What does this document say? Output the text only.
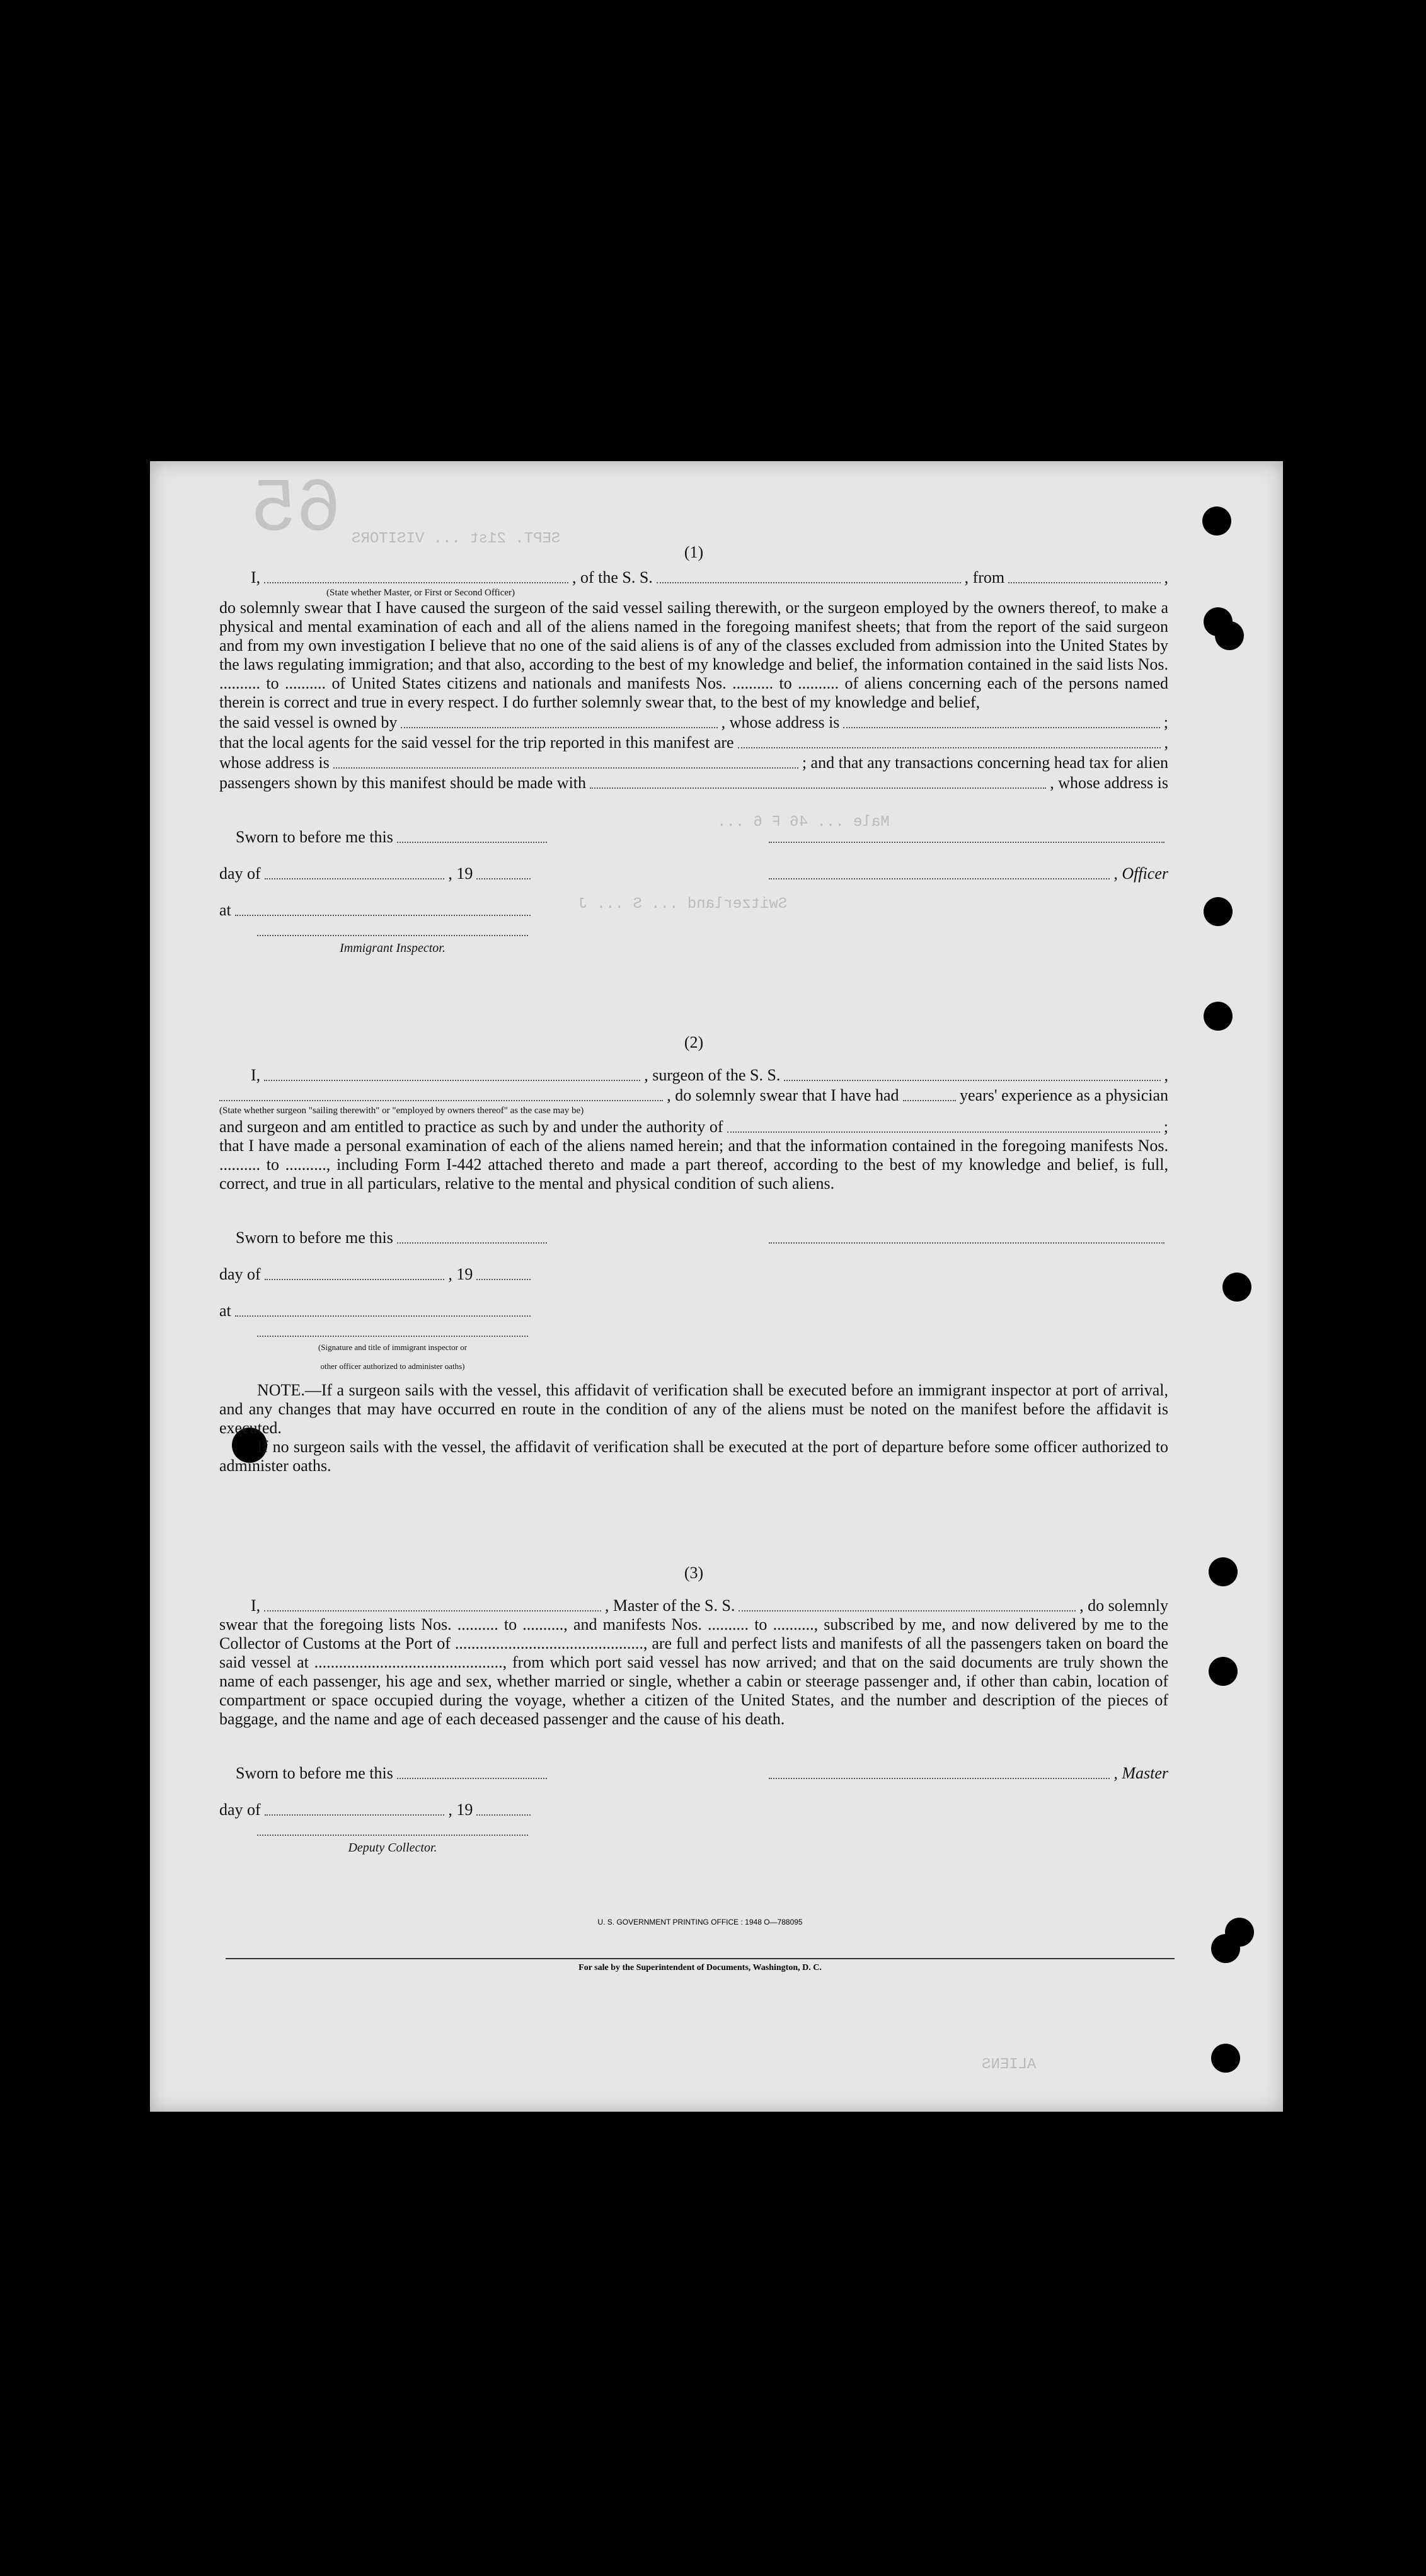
65 SEPT. 21st ... VISITORS
Male ... 46 F 6 ...
Switzerland ... S ... J
ALIENS
(1)
I,	, of the S. S.	, from	,
(State whether Master, or First or Second Officer)

do solemnly swear that I have caused the surgeon of the said vessel sailing therewith, or the surgeon employed by the owners thereof, to make a physical and mental examination of each and all of the aliens named in the foregoing manifest sheets; that from the report of the said surgeon and from my own investigation I believe that no one of the said aliens is of any of the classes excluded from admission into the United States by the laws regulating immigration; and that also, according to the best of my knowledge and belief, the information contained in the said lists Nos. .......... to .......... of United States citizens and nationals and manifests Nos. .......... to .......... of aliens concerning each of the persons named therein is correct and true in every respect. I do further solemnly swear that, to the best of my knowledge and belief,

the said vessel is owned by	, whose address is	;
that the local agents for the said vessel for the trip reported in this manifest are	,
whose address is	; and that any transactions concerning head tax for alien
passengers shown by this manifest should be made with	, whose address is
Sworn to before me this
day of	, 19	, Officer
at
Immigrant Inspector.
(2)
I,	, surgeon of the S. S.	,
, do solemnly swear that I have had	years' experience as a physician
(State whether surgeon "sailing therewith" or "employed by owners thereof" as the case may be)
and surgeon and am entitled to practice as such by and under the authority of	;

that I have made a personal examination of each of the aliens named herein; and that the information contained in the foregoing manifests Nos. .......... to .........., including Form I-442 attached thereto and made a part thereof, according to the best of my knowledge and belief, is full, correct, and true in all particulars, relative to the mental and physical condition of such aliens.

Sworn to before me this
day of	, 19
at
(Signature and title of immigrant inspector or
other officer authorized to administer oaths)

NOTE.—If a surgeon sails with the vessel, this affidavit of verification shall be executed before an immigrant inspector at port of arrival, and any changes that may have occurred en route in the condition of any of the aliens must be noted on the manifest before the affidavit is executed.

If no surgeon sails with the vessel, the affidavit of verification shall be executed at the port of departure before some officer authorized to administer oaths.

(3)
I,	, Master of the S. S.	, do solemnly

swear that the foregoing lists Nos. .......... to .........., and manifests Nos. .......... to .........., subscribed by me, and now delivered by me to the Collector of Customs at the Port of .............................................., are full and perfect lists and manifests of all the passengers taken on board the said vessel at .............................................., from which port said vessel has now arrived; and that on the said documents are truly shown the name of each passenger, his age and sex, whether married or single, whether a cabin or steerage passenger and, if other than cabin, location of compartment or space occupied during the voyage, whether a citizen of the United States, and the number and description of the pieces of baggage, and the name and age of each deceased passenger and the cause of his death.

Sworn to before me this	, Master
day of	, 19
Deputy Collector.
U. S. GOVERNMENT PRINTING OFFICE : 1948 O—788095
For sale by the Superintendent of Documents, Washington, D. C.
